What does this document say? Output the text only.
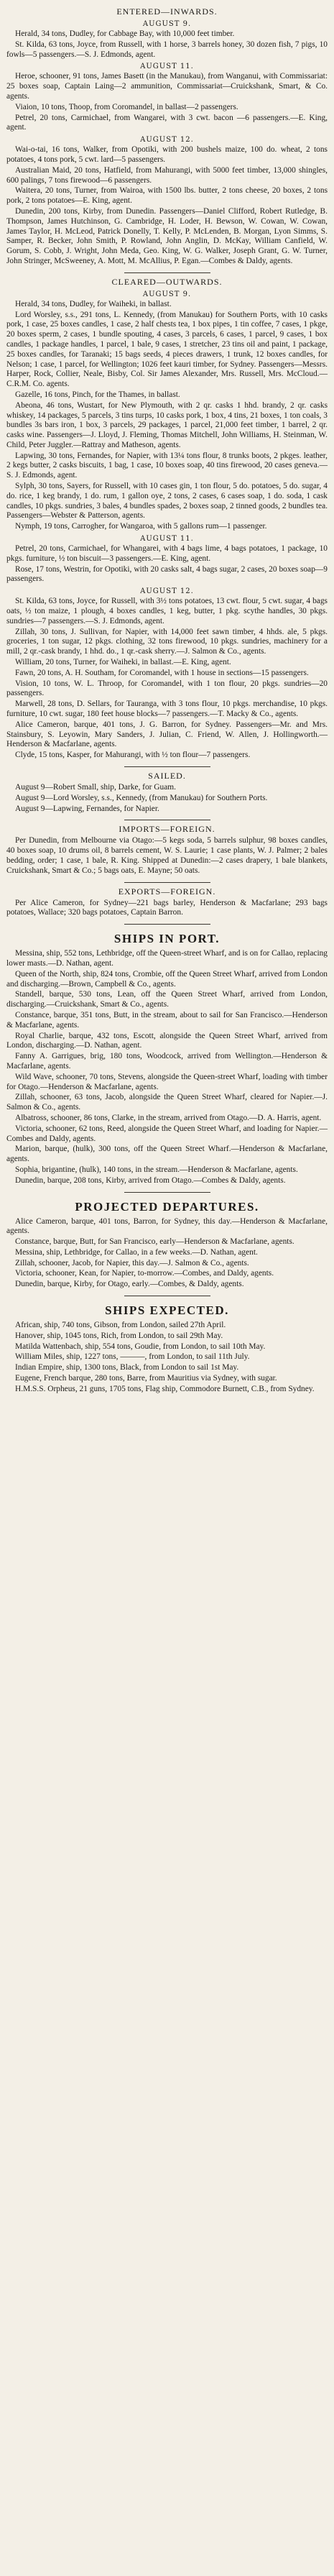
ENTERED—INWARDS.
AUGUST 9.

Herald, 34 tons, Dudley, for Cabbage Bay, with 10,000 feet timber.

St. Kilda, 63 tons, Joyce, from Russell, with 1 horse, 3 barrels honey, 30 dozen fish, 7 pigs, 10 fowls—5 passengers.—S. J. Edmonds, agent.

AUGUST 11.

Heroe, schooner, 91 tons, James Basett (in the Manukau), from Wanganui, with Commissariat: 25 boxes soap, Captain Laing—2 ammunition, Commissariat—Cruickshank, Smart, & Co. agents.

Viaion, 10 tons, Thoop, from Coromandel, in ballast—2 passengers.

Petrel, 20 tons, Carmichael, from Wangarei, with 3 cwt. bacon —6 passengers.—E. King, agent.

AUGUST 12.

Wai-o-tai, 16 tons, Walker, from Opotiki, with 200 bushels maize, 100 do. wheat, 2 tons potatoes, 4 tons pork, 5 cwt. lard—5 passengers.

Australian Maid, 20 tons, Hatfield, from Mahurangi, with 5000 feet timber, 13,000 shingles, 600 palings, 7 tons firewood—6 passengers.

Waitera, 20 tons, Turner, from Wairoa, with 1500 lbs. butter, 2 tons cheese, 20 boxes, 2 tons pork, 2 tons potatoes—E. King, agent.

Dunedin, 200 tons, Kirby, from Dunedin. Passengers—Daniel Clifford, Robert Rutledge, B. Thompson, James Hutchinson, G. Cambridge, H. Loder, H. Bewson, W. Cowan, W. Cowan, James Taylor, H. McLeod, Patrick Donelly, T. Kelly, P. McLenden, B. Morgan, Lyon Simms, S. Samper, R. Becker, John Smith, P. Rowland, John Anglin, D. McKay, William Canfield, W. Gorum, S. Cobb, J. Wright, John Meda, Geo. King, W. G. Walker, Joseph Grant, G. W. Turner, John Stringer, McSweeney, A. Mott, M. McAllius, P. Egan.—Combes & Daldy, agents.

CLEARED—OUTWARDS.
AUGUST 9.

Herald, 34 tons, Dudley, for Waiheki, in ballast.

Lord Worsley, s.s., 291 tons, L. Kennedy, (from Manukau) for Southern Ports, with 10 casks pork, 1 case, 25 boxes candles, 1 case, 2 half chests tea, 1 box pipes, 1 tin coffee, 7 cases, 1 pkge, 20 boxes sperm, 2 cases, 1 bundle spouting, 4 cases, 3 parcels, 6 cases, 1 parcel, 9 cases, 1 box candles, 1 package handles, 1 parcel, 1 bale, 9 cases, 1 stretcher, 23 tins oil and paint, 1 package, 25 boxes candles, for Taranaki; 15 bags seeds, 4 pieces drawers, 1 trunk, 12 boxes candles, for Nelson; 1 case, 1 parcel, for Wellington; 1026 feet kauri timber, for Sydney. Passengers—Messrs. Harper, Rock, Collier, Neale, Bisby, Col. Sir James Alexander, Mrs. Russell, Mrs. McCloud.—C.R.M. Co. agents.

Gazelle, 16 tons, Pinch, for the Thames, in ballast.

Abeona, 46 tons, Wustart, for New Plymouth, with 2 qr. casks 1 hhd. brandy, 2 qr. casks whiskey, 14 packages, 5 parcels, 3 tins turps, 10 casks pork, 1 box, 4 tins, 21 boxes, 1 ton coals, 3 bundles 3s bars iron, 1 box, 3 parcels, 29 packages, 1 parcel, 21,000 feet timber, 1 barrel, 2 qr. casks wine. Passengers—J. Lloyd, J. Fleming, Thomas Mitchell, John Williams, H. Steinman, W. Child, Peter Juggler.—Rattray and Matheson, agents.

Lapwing, 30 tons, Fernandes, for Napier, with 13¼ tons flour, 8 trunks boots, 2 pkges. leather, 2 kegs butter, 2 casks biscuits, 1 bag, 1 case, 10 boxes soap, 40 tins firewood, 20 cases geneva.—S. J. Edmonds, agent.

Sylph, 30 tons, Sayers, for Russell, with 10 cases gin, 1 ton flour, 5 do. potatoes, 5 do. sugar, 4 do. rice, 1 keg brandy, 1 do. rum, 1 gallon oye, 2 tons, 2 cases, 6 cases soap, 1 do. soda, 1 cask candles, 10 pkgs. sundries, 3 bales, 4 bundles spades, 2 boxes soap, 2 tinned goods, 2 bundles tea. Passengers—Webster & Patterson, agents.

Nymph, 19 tons, Carrogher, for Wangaroa, with 5 gallons rum—1 passenger.

AUGUST 11.

Petrel, 20 tons, Carmichael, for Whangarei, with 4 bags lime, 4 bags potatoes, 1 package, 10 pkgs. furniture, ½ ton biscuit—3 passengers.—E. King, agent.

Rose, 17 tons, Westrin, for Opotiki, with 20 casks salt, 4 bags sugar, 2 cases, 20 boxes soap—9 passengers.

AUGUST 12.

St. Kilda, 63 tons, Joyce, for Russell, with 3½ tons potatoes, 13 cwt. flour, 5 cwt. sugar, 4 bags oats, ½ ton maize, 1 plough, 4 boxes candles, 1 keg, butter, 1 pkg. scythe handles, 30 pkgs. sundries—7 passengers.—S. J. Edmonds, agent.

Zillah, 30 tons, J. Sullivan, for Napier, with 14,000 feet sawn timber, 4 hhds. ale, 5 pkgs. groceries, 1 ton sugar, 12 pkgs. clothing, 32 tons firewood, 10 pkgs. sundries, machinery for a mill, 2 qr.-cask brandy, 1 hhd. do., 1 qr.-cask sherry.—J. Salmon & Co., agents.

William, 20 tons, Turner, for Waiheki, in ballast.—E. King, agent.

Fawn, 20 tons, A. H. Southam, for Coromandel, with 1 house in sections—15 passengers.

Vision, 10 tons, W. L. Throop, for Coromandel, with 1 ton flour, 20 pkgs. sundries—20 passengers.

Marwell, 28 tons, D. Sellars, for Tauranga, with 3 tons flour, 10 pkgs. merchandise, 10 pkgs. furniture, 10 cwt. sugar, 180 feet house blocks—7 passengers.—T. Macky & Co., agents.

Alice Cameron, barque, 401 tons, J. G. Barron, for Sydney. Passengers—Mr. and Mrs. Stainsbury, S. Leyowin, Mary Sanders, J. Julian, C. Friend, W. Allen, J. Hollingworth.—Henderson & Macfarlane, agents.

Clyde, 15 tons, Kasper, for Mahurangi, with ½ ton flour—7 passengers.

SAILED.

August 9—Robert Small, ship, Darke, for Guam.

August 9—Lord Worsley, s.s., Kennedy, (from Manukau) for Southern Ports.

August 9—Lapwing, Fernandes, for Napier.

IMPORTS—FOREIGN.

Per Dunedin, from Melbourne via Otago:—5 kegs soda, 5 barrels sulphur, 98 boxes candles, 40 boxes soap, 10 drums oil, 8 barrels cement, W. S. Laurie; 1 case plants, W. J. Palmer; 2 bales bedding, order; 1 case, 1 bale, R. King. Shipped at Dunedin:—2 cases drapery, 1 bale blankets, Cruickshank, Smart & Co.; 5 bags oats, E. Mayne; 50 oats.

EXPORTS—FOREIGN.

Per Alice Cameron, for Sydney—221 bags barley, Henderson & Macfarlane; 293 bags potatoes, Wallace; 320 bags potatoes, Captain Barron.

SHIPS IN PORT.

Messina, ship, 552 tons, Lethbridge, off the Queen-street Wharf, and is on for Callao, replacing lower masts.—D. Nathan, agent.

Queen of the North, ship, 824 tons, Crombie, off the Queen Street Wharf, arrived from London and discharging.—Brown, Campbell & Co., agents.

Standell, barque, 530 tons, Lean, off the Queen Street Wharf, arrived from London, discharging.—Cruickshank, Smart & Co., agents.

Constance, barque, 351 tons, Butt, in the stream, about to sail for San Francisco.—Henderson & Macfarlane, agents.

Royal Charlie, barque, 432 tons, Escott, alongside the Queen Street Wharf, arrived from London, discharging.—D. Nathan, agent.

Fanny A. Garrigues, brig, 180 tons, Woodcock, arrived from Wellington.—Henderson & Macfarlane, agents.

Wild Wave, schooner, 70 tons, Stevens, alongside the Queen-street Wharf, loading with timber for Otago.—Henderson & Macfarlane, agents.

Zillah, schooner, 63 tons, Jacob, alongside the Queen Street Wharf, cleared for Napier.—J. Salmon & Co., agents.

Albatross, schooner, 86 tons, Clarke, in the stream, arrived from Otago.—D. A. Harris, agent.

Victoria, schooner, 62 tons, Reed, alongside the Queen Street Wharf, and loading for Napier.—Combes and Daldy, agents.

Marion, barque, (hulk), 300 tons, off the Queen Street Wharf.—Henderson & Macfarlane, agents.

Sophia, brigantine, (hulk), 140 tons, in the stream.—Henderson & Macfarlane, agents.

Dunedin, barque, 208 tons, Kirby, arrived from Otago.—Combes & Daldy, agents.

PROJECTED DEPARTURES.

Alice Cameron, barque, 401 tons, Barron, for Sydney, this day.—Henderson & Macfarlane, agents.

Constance, barque, Butt, for San Francisco, early—Henderson & Macfarlane, agents.

Messina, ship, Lethbridge, for Callao, in a few weeks.—D. Nathan, agent.

Zillah, schooner, Jacob, for Napier, this day.—J. Salmon & Co., agents.

Victoria, schooner, Kean, for Napier, to-morrow.—Combes, and Daldy, agents.

Dunedin, barque, Kirby, for Otago, early.—Combes, & Daldy, agents.

SHIPS EXPECTED.

African, ship, 740 tons, Gibson, from London, sailed 27th April.

Hanover, ship, 1045 tons, Rich, from London, to sail 29th May.

Matilda Wattenbach, ship, 554 tons, Goudie, from London, to sail 10th May.

William Miles, ship, 1227 tons, ———, from London, to sail 11th July.

Indian Empire, ship, 1300 tons, Black, from London to sail 1st May.

Eugene, French barque, 280 tons, Barre, from Mauritius via Sydney, with sugar.

H.M.S.S. Orpheus, 21 guns, 1705 tons, Flag ship, Commodore Burnett, C.B., from Sydney.
